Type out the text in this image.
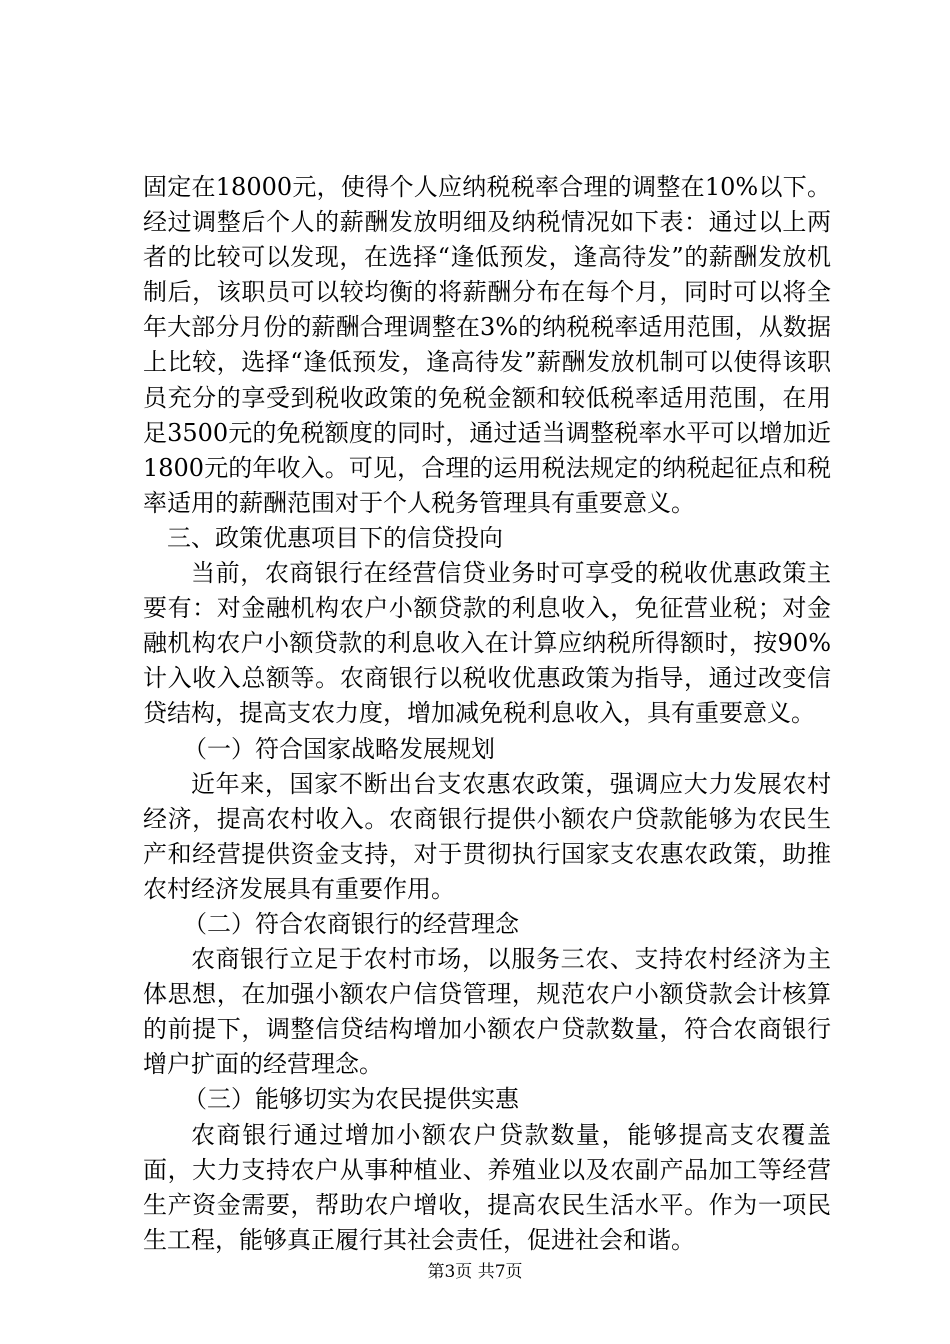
固定在18000元，使得个人应纳税税率合理的调整在10%以下。经过调整后个人的薪酬发放明细及纳税情况如下表：通过以上两者的比较可以发现，在选择“逢低预发，逢高待发”的薪酬发放机制后，该职员可以较均衡的将薪酬分布在每个月，同时可以将全年大部分月份的薪酬合理调整在3%的纳税税率适用范围，从数据上比较，选择“逢低预发，逢高待发”薪酬发放机制可以使得该职员充分的享受到税收政策的免税金额和较低税率适用范围，在用足3500元的免税额度的同时，通过适当调整税率水平可以增加近1800元的年收入。可见，合理的运用税法规定的纳税起征点和税率适用的薪酬范围对于个人税务管理具有重要意义。

三、政策优惠项目下的信贷投向

当前，农商银行在经营信贷业务时可享受的税收优惠政策主要有：对金融机构农户小额贷款的利息收入，免征营业税；对金融机构农户小额贷款的利息收入在计算应纳税所得额时，按90%计入收入总额等。农商银行以税收优惠政策为指导，通过改变信贷结构，提高支农力度，增加减免税利息收入，具有重要意义。

（一）符合国家战略发展规划

近年来，国家不断出台支农惠农政策，强调应大力发展农村经济，提高农村收入。农商银行提供小额农户贷款能够为农民生产和经营提供资金支持，对于贯彻执行国家支农惠农政策，助推农村经济发展具有重要作用。

（二）符合农商银行的经营理念

农商银行立足于农村市场，以服务三农、支持农村经济为主体思想，在加强小额农户信贷管理，规范农户小额贷款会计核算的前提下，调整信贷结构增加小额农户贷款数量，符合农商银行增户扩面的经营理念。

（三）能够切实为农民提供实惠

农商银行通过增加小额农户贷款数量，能够提高支农覆盖面，大力支持农户从事种植业、养殖业以及农副产品加工等经营生产资金需要，帮助农户增收，提高农民生活水平。作为一项民生工程，能够真正履行其社会责任，促进社会和谐。

第3页 共7页
